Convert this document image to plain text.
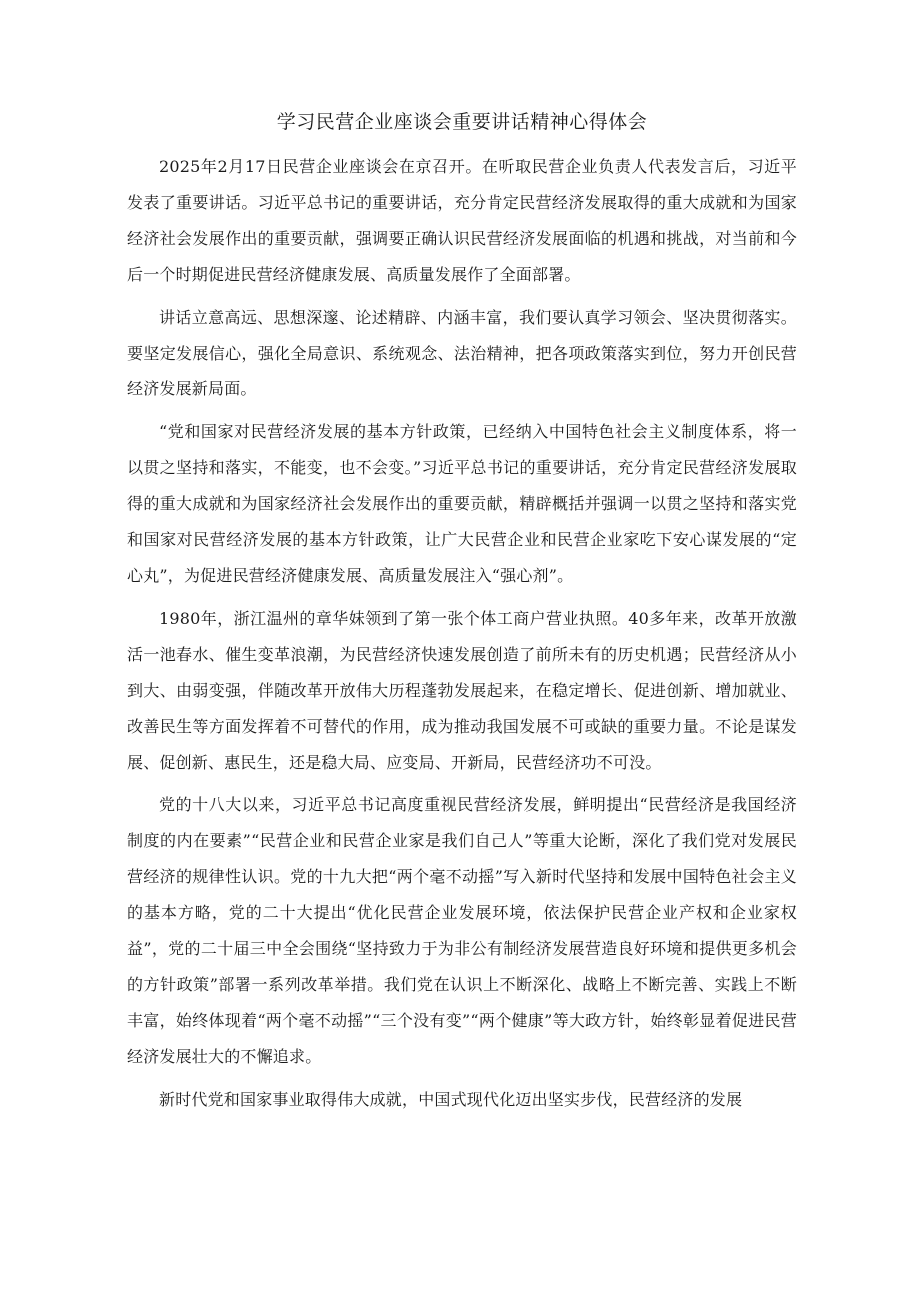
学习民营企业座谈会重要讲话精神心得体会

2025年2月17日民营企业座谈会在京召开。在听取民营企业负责人代表发言后，习近平发表了重要讲话。习近平总书记的重要讲话，充分肯定民营经济发展取得的重大成就和为国家经济社会发展作出的重要贡献，强调要正确认识民营经济发展面临的机遇和挑战，对当前和今后一个时期促进民营经济健康发展、高质量发展作了全面部署。

讲话立意高远、思想深邃、论述精辟、内涵丰富，我们要认真学习领会、坚决贯彻落实。要坚定发展信心，强化全局意识、系统观念、法治精神，把各项政策落实到位，努力开创民营经济发展新局面。

“党和国家对民营经济发展的基本方针政策，已经纳入中国特色社会主义制度体系，将一以贯之坚持和落实，不能变，也不会变。”习近平总书记的重要讲话，充分肯定民营经济发展取得的重大成就和为国家经济社会发展作出的重要贡献，精辟概括并强调一以贯之坚持和落实党和国家对民营经济发展的基本方针政策，让广大民营企业和民营企业家吃下安心谋发展的“定心丸”，为促进民营经济健康发展、高质量发展注入“强心剂”。

1980年，浙江温州的章华妹领到了第一张个体工商户营业执照。40多年来，改革开放激活一池春水、催生变革浪潮，为民营经济快速发展创造了前所未有的历史机遇；民营经济从小到大、由弱变强，伴随改革开放伟大历程蓬勃发展起来，在稳定增长、促进创新、增加就业、改善民生等方面发挥着不可替代的作用，成为推动我国发展不可或缺的重要力量。不论是谋发展、促创新、惠民生，还是稳大局、应变局、开新局，民营经济功不可没。

党的十八大以来，习近平总书记高度重视民营经济发展，鲜明提出“民营经济是我国经济制度的内在要素”“民营企业和民营企业家是我们自己人”等重大论断，深化了我们党对发展民营经济的规律性认识。党的十九大把“两个毫不动摇”写入新时代坚持和发展中国特色社会主义的基本方略，党的二十大提出“优化民营企业发展环境，依法保护民营企业产权和企业家权益”，党的二十届三中全会围绕“坚持致力于为非公有制经济发展营造良好环境和提供更多机会的方针政策”部署一系列改革举措。我们党在认识上不断深化、战略上不断完善、实践上不断丰富，始终体现着“两个毫不动摇”“三个没有变”“两个健康”等大政方针，始终彰显着促进民营经济发展壮大的不懈追求。

新时代党和国家事业取得伟大成就，中国式现代化迈出坚实步伐，民营经济的发展
